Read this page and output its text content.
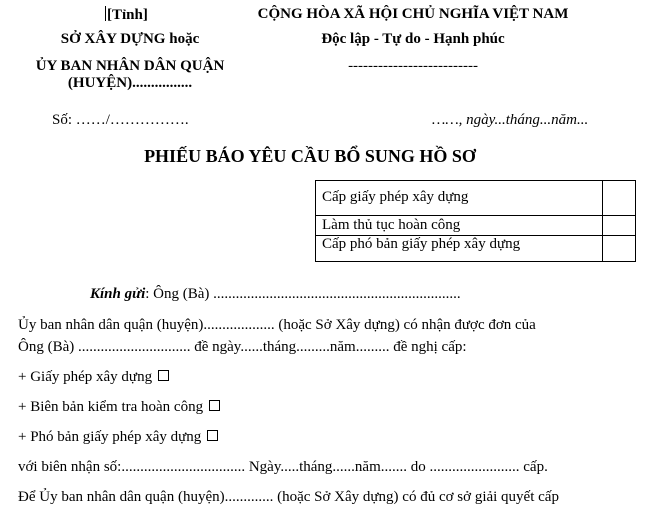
[Tỉnh]
SỞ XÂY DỰNG hoặc
ỦY BAN NHÂN DÂN QUẬN
(HUYỆN)................
CỘNG HÒA XÃ HỘI CHỦ NGHĨA VIỆT NAM
Độc lập - Tự do - Hạnh phúc
--------------------------
Số: ……/…………….	……, ngày...tháng...năm...
PHIẾU BÁO YÊU CẦU BỔ SUNG HỒ SƠ
Cấp giấy phép xây dựng	
Làm thủ tục hoàn công	
Cấp phó bản giấy phép xây dựng	
Kính gửi: Ông (Bà) ..................................................................
Ủy ban nhân dân quận (huyện)................... (hoặc Sở Xây dựng) có nhận được đơn của
Ông (Bà) .............................. đề ngày......tháng.........năm......... đề nghị cấp:
+ Giấy phép xây dựng
+ Biên bản kiểm tra hoàn công
+ Phó bản giấy phép xây dựng
với biên nhận số:................................. Ngày.....tháng......năm....... do ........................ cấp.
Để Ủy ban nhân dân quận (huyện)............. (hoặc Sở Xây dựng) có đủ cơ sở giải quyết cấp
